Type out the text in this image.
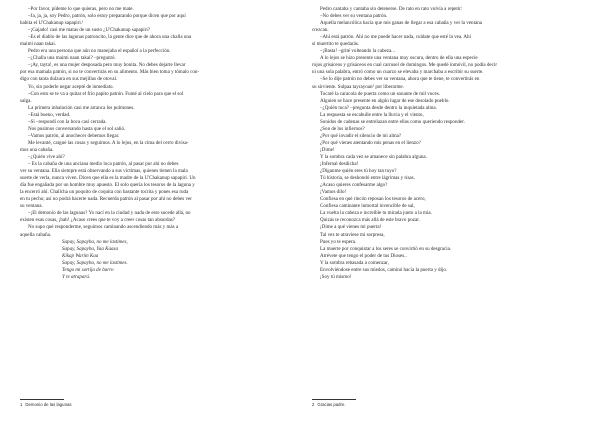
–Por favor, pídeme lo que quieras, pero no me mate.

–Ja, ja, ja, soy Pedro, patrón, solo estoy preparando porque dicen que por aquí

habita el U'Chakanup sapapiri.¹

–¡Gajado! casi me matas de un susto ¿U'Chakanup sapapiri?

–Es el diablo de las lagunas patroncito, la gente dice que de ahora una challa una

maimi naan takai.

Pedro era una persona que aún no manejaba el español a la perfección.

–¿Challa una maimi naan takai? –preguntó.

–¡Ay, tayta!, es una mujer desposada pero muy bonita. No debes dejarte llevar

por esa mamala patrón, si no te convertirás en su alimento. Más bien toma y tómalo con-

digo con tanta dulzura en sus mejillas de otoval.

Yo, sin poderle negar acepté de inmediato.

–Con esto se te va a quitar el frío papito patrón. Fumé al cielo para que el sol

salga.

La primera inhalación casi me arranca los pulmones.

–Está bueno, verdad.

–Sí –respondí con la boca casi cerrada.

Nos pusimos conversando hasta que el sol salió.

–Vamos patrón, al anochecer debemos llegar.

Me levanté, cargué las cosas y seguimos. A lo lejos, en la cima del cerro divisa-

mos una cabaña.

–¿Quién vive ahí?

– Es la cabaña de una anciana medio loca patrón, al pasar por ahí no debes

ver su ventana. Ella siempre está observando a sus víctimas, quienes tienen la mala

suerte de verla, nunca viven. Dicen que ella es la madre de la U'Chakanup sapapiri. Un

día fue engañada por un hombre muy apuesto. Él solo quería los tesoros de la laguna y

la encerró ahí. Challcha un poquito de coquita con bastante tocrita y pones esa ruda

en tu pecho; así no podrá hacerte nada. Recuerda patrón al pasar por ahí no debes ver

su ventana.

–¡El demonio de las lagunas? Yo nací en la ciudad y nada de esto sucede allá, no

existen esas cosas, ¡bah! ¿Acaso crees que te voy a creer cosas tan absurdas?

No supo qué responderme, seguimos caminando ascendiendo más y más a

aquella cabaña.

Sapay, Sapayba, no me lastimes,

Sapay, Sapayba, Yaa Kaasa

Kikap Warim Kaa

Sapay, Sapayba, no me lastimes.

Tengo mi sortija de barro

Y te atrapará.

Pedro cantaba y cantaba sin detenerse. De rato en rato volvía a repetir:

–No debes ver su ventana patrón.

Aquella melancólica hacía que mis ganas de llegar a esa cabaña y ver la ventana

crezcan.

–Ahí está patrón. Ahí no me puede hacer nada, cuídate que esté la vea. Ahí

si muertito te quedarás.

–¡Basta! –grité volteando la cabeza...

A lo lejos se hizo presente una ventana muy oscura, dentro de ella una especie

rojos grisáceos y grisáceos en cual carrusel de domingos. Me quedé inmóvil, no podía decir

ni una sola palabra, entró como un cuarzo se elevaba y marchaba a escribir su suerte.

–Se lo dije patrón no debes ver su ventana, ahora que te tiene, te convertirás en

su sirviente. Sulpaa tayrayoan² por liberarme.

Tocaré la caracola de puerta como un sonante de mil voces.

Alguien se hace presente en algún lugar de ese desolado pueblo.

–¿Quién toca? –pregunta desde dentro la inquietada alma.

La respuesta se escabulle entre la lluvia y el viento,

Sonidos de cadenas se entrelazan entre ellas como queriendo responder.

¿Son de los infiernos?

¿Por qué invadir el silencio de mi alma?

¿Por qué vienes atentando mis penas en el lienzo?

¡Dime!

Y la sombra cada vez se amanece sin palabra alguna.

¡Infernal desdicha!

¿Díganme quién eres tú hoy tan tuyo?

Tú historia, se deshondó entre lágrimas y risas.

¿Acaso quieres confesarme algo?

¡Vamos dilo!

Confiesa en qué rincón reposan los tesoros de acero,

Confiesa caminante inmortal invencible de sal,

La vuelta la cabeza e increíble tu mirada junto a la mía.

Quizás te reconozca más allá de este bravo pozar.

¡Dime a qué vienes mi puerta!

Tal vez te atraviese mi sorpresa,

Pues yo te espera.

La muerte por conquistar a los seres se convirtió en su desgracia.

Atrévete que tengo el poder de tus Dioses..

Y la sombra rebasada a comenzar,

Envolviéndose entre sus miedos, caminó hacia la puerta y dijo.

¡Soy tú mismo!

1 Demonio de las lagunas	2 Gracias padre.
